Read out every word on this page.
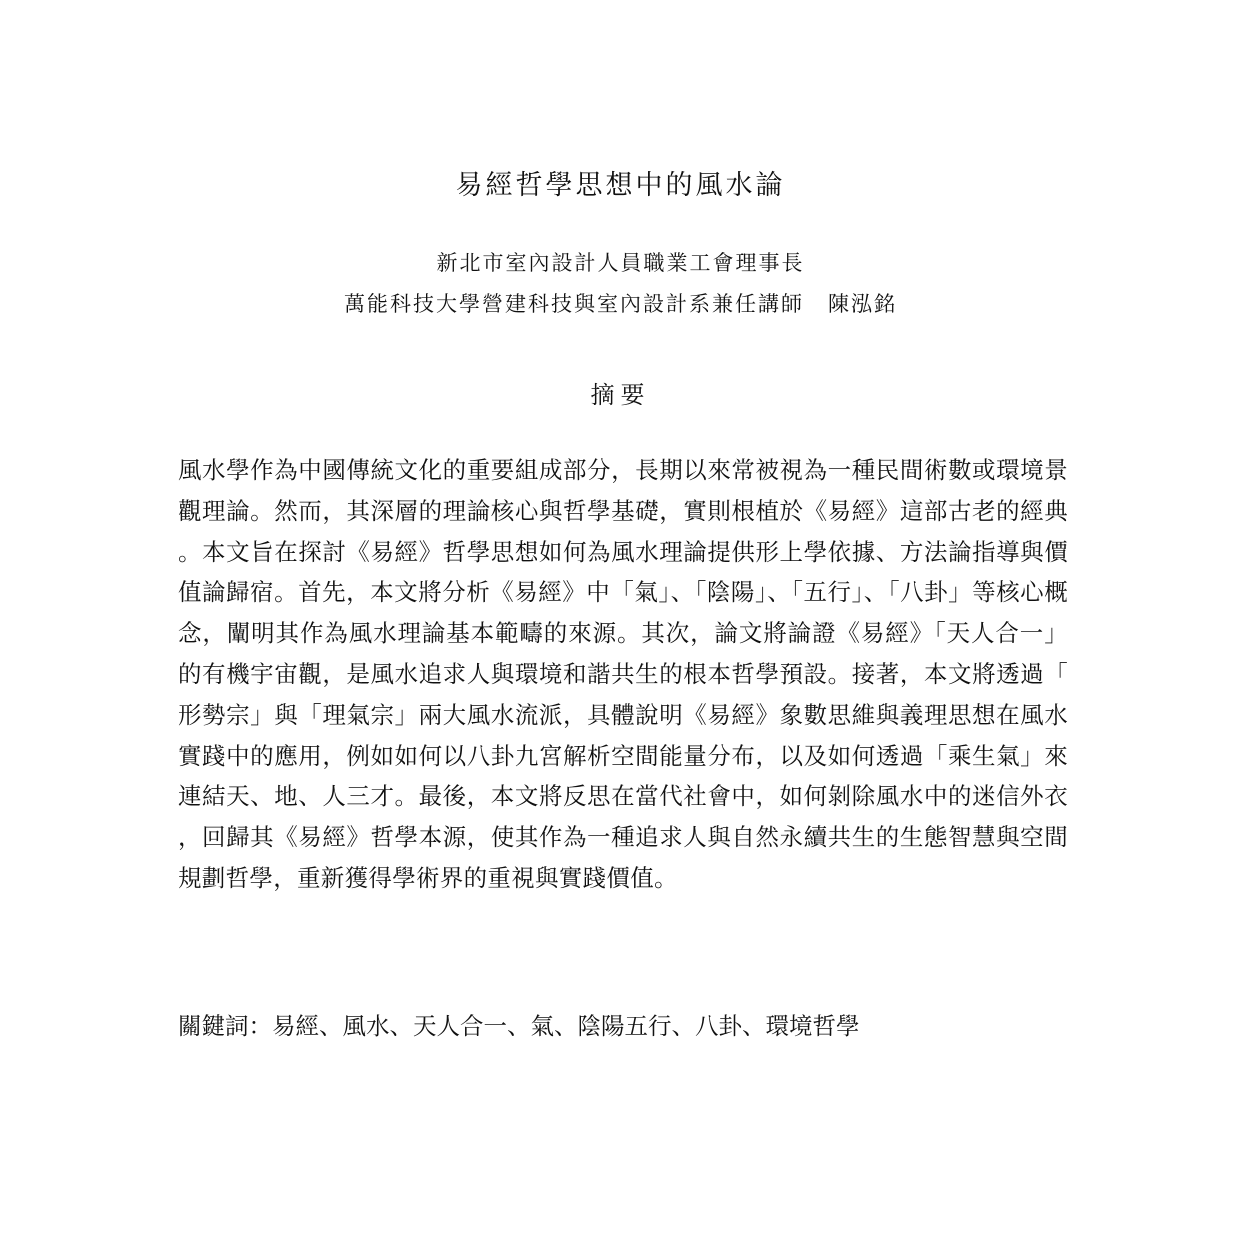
易經哲學思想中的風水論

新北市室內設計人員職業工會理事長

萬能科技大學營建科技與室內設計系兼任講師 陳泓銘

摘要

風水學作為中國傳統文化的重要組成部分，長期以來常被視為一種民間術數或環境景觀理論。然而，其深層的理論核心與哲學基礎，實則根植於《易經》這部古老的經典。本文旨在探討《易經》哲學思想如何為風水理論提供形上學依據、方法論指導與價值論歸宿。首先，本文將分析《易經》中「氣」、「陰陽」、「五行」、「八卦」等核心概念，闡明其作為風水理論基本範疇的來源。其次，論文將論證《易經》「天人合一」的有機宇宙觀，是風水追求人與環境和諧共生的根本哲學預設。接著，本文將透過「形勢宗」與「理氣宗」兩大風水流派，具體說明《易經》象數思維與義理思想在風水實踐中的應用，例如如何以八卦九宮解析空間能量分布，以及如何透過「乘生氣」來連結天、地、人三才。最後，本文將反思在當代社會中，如何剝除風水中的迷信外衣，回歸其《易經》哲學本源，使其作為一種追求人與自然永續共生的生態智慧與空間規劃哲學，重新獲得學術界的重視與實踐價值。

關鍵詞：易經、風水、天人合一、氣、陰陽五行、八卦、環境哲學
